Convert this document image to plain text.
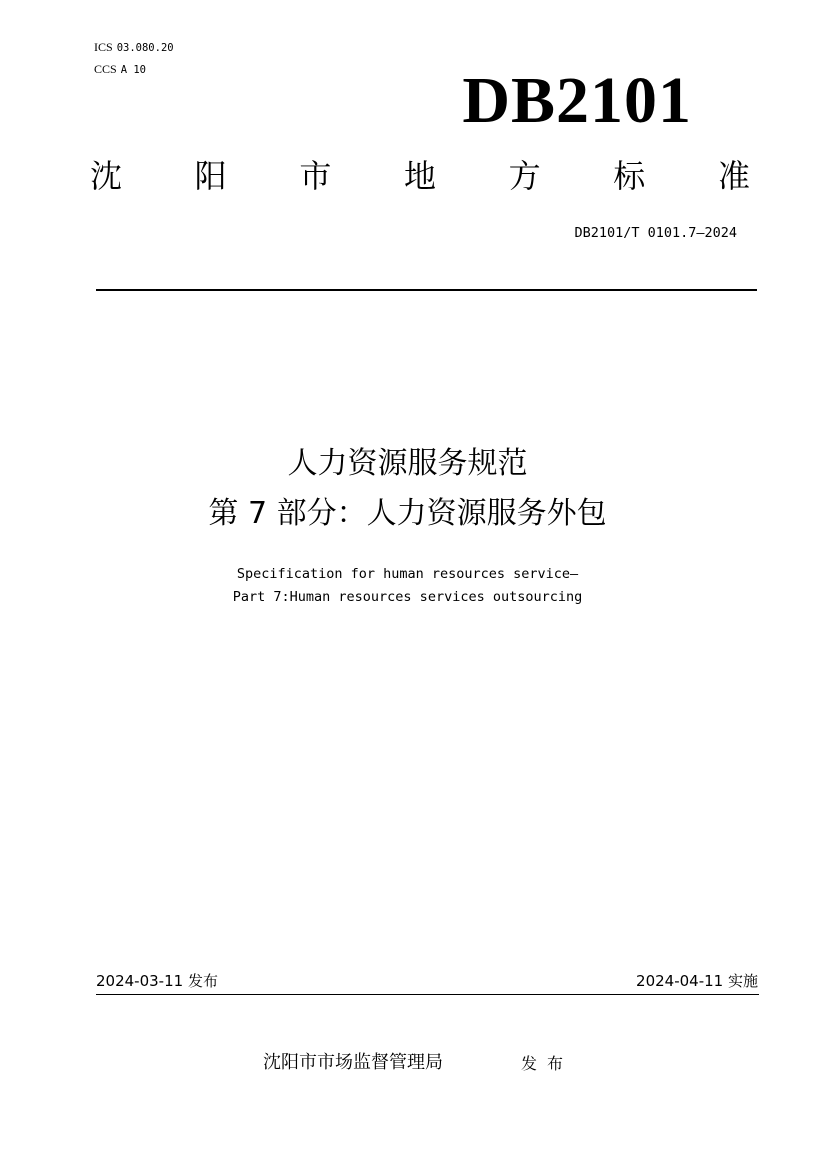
ICS 03.080.20
CCS A 10	DB2101
沈 阳 市 地 方 标 准
DB2101/T 0101.7—2024
人力资源服务规范
第 7 部分：人力资源服务外包
Specification for human resources service—
Part 7:Human resources services outsourcing
2024-03-11 发布	2024-04-11 实施
沈阳市市场监督管理局	发布
